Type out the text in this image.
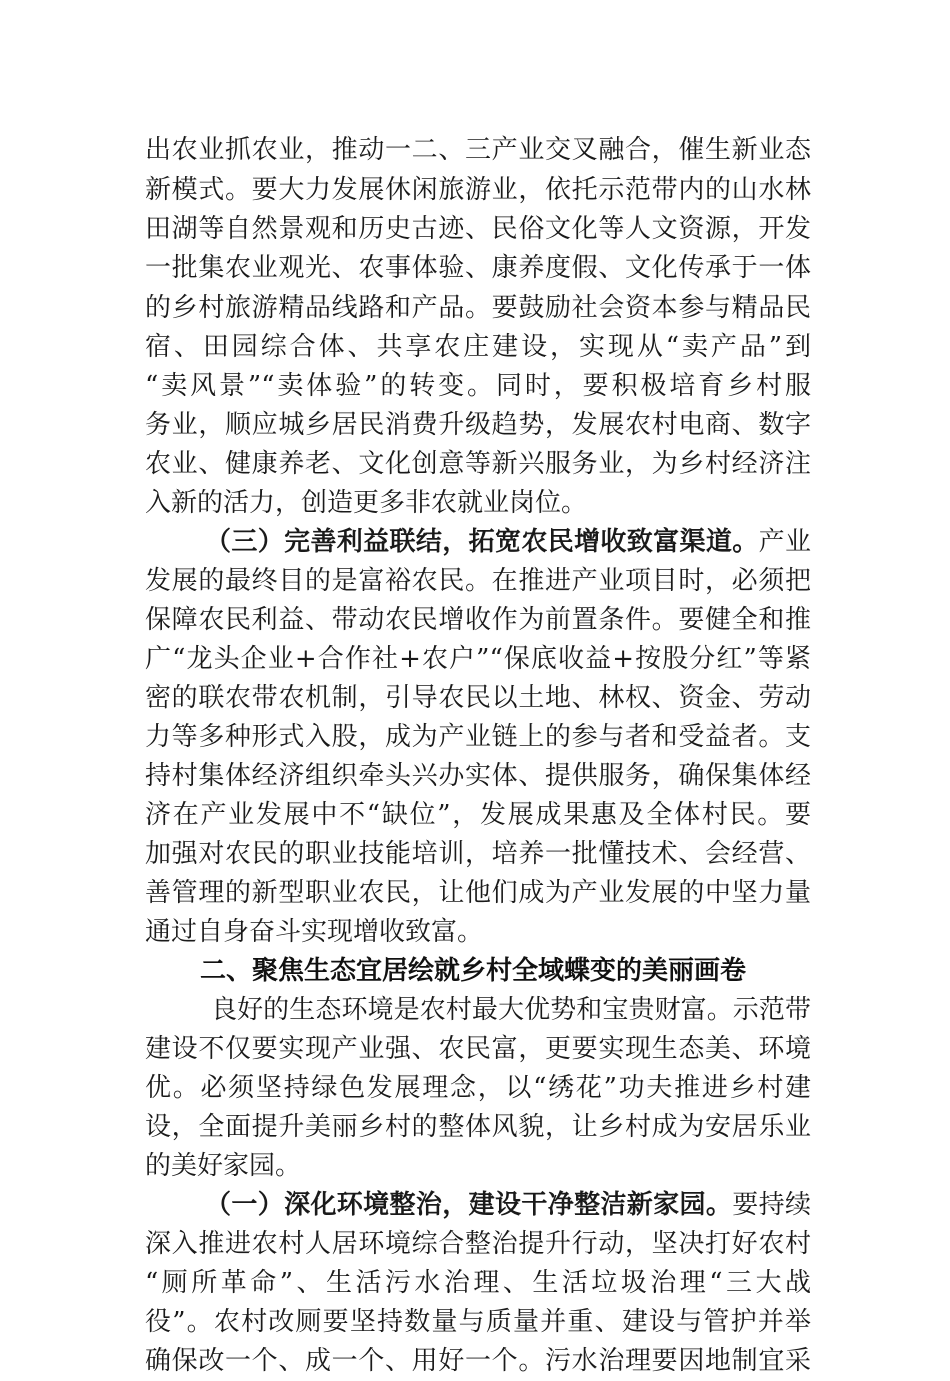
出农业抓农业，推动一二、三产业交叉融合，催生新业态
新模式。要大力发展休闲旅游业，依托示范带内的山水林
田湖等自然景观和历史古迹、民俗文化等人文资源，开发
一批集农业观光、农事体验、康养度假、文化传承于一体
的乡村旅游精品线路和产品。要鼓励社会资本参与精品民
宿、田园综合体、共享农庄建设，实现从“卖产品”到
“卖风景”“卖体验”的转变。同时，要积极培育乡村服
务业，顺应城乡居民消费升级趋势，发展农村电商、数字
农业、健康养老、文化创意等新兴服务业，为乡村经济注
入新的活力，创造更多非农就业岗位。
（三）完善利益联结，拓宽农民增收致富渠道。产业
发展的最终目的是富裕农民。在推进产业项目时，必须把
保障农民利益、带动农民增收作为前置条件。要健全和推
广“龙头企业+合作社+农户”“保底收益+按股分红”等紧
密的联农带农机制，引导农民以土地、林权、资金、劳动
力等多种形式入股，成为产业链上的参与者和受益者。支
持村集体经济组织牵头兴办实体、提供服务，确保集体经
济在产业发展中不“缺位”，发展成果惠及全体村民。要
加强对农民的职业技能培训，培养一批懂技术、会经营、
善管理的新型职业农民，让他们成为产业发展的中坚力量
通过自身奋斗实现增收致富。
二、聚焦生态宜居绘就乡村全域蝶变的美丽画卷
良好的生态环境是农村最大优势和宝贵财富。示范带
建设不仅要实现产业强、农民富，更要实现生态美、环境
优。必须坚持绿色发展理念，以“绣花”功夫推进乡村建
设，全面提升美丽乡村的整体风貌，让乡村成为安居乐业
的美好家园。
（一）深化环境整治，建设干净整洁新家园。要持续
深入推进农村人居环境综合整治提升行动，坚决打好农村
“厕所革命”、生活污水治理、生活垃圾治理“三大战
役”。农村改厕要坚持数量与质量并重、建设与管护并举
确保改一个、成一个、用好一个。污水治理要因地制宜采
